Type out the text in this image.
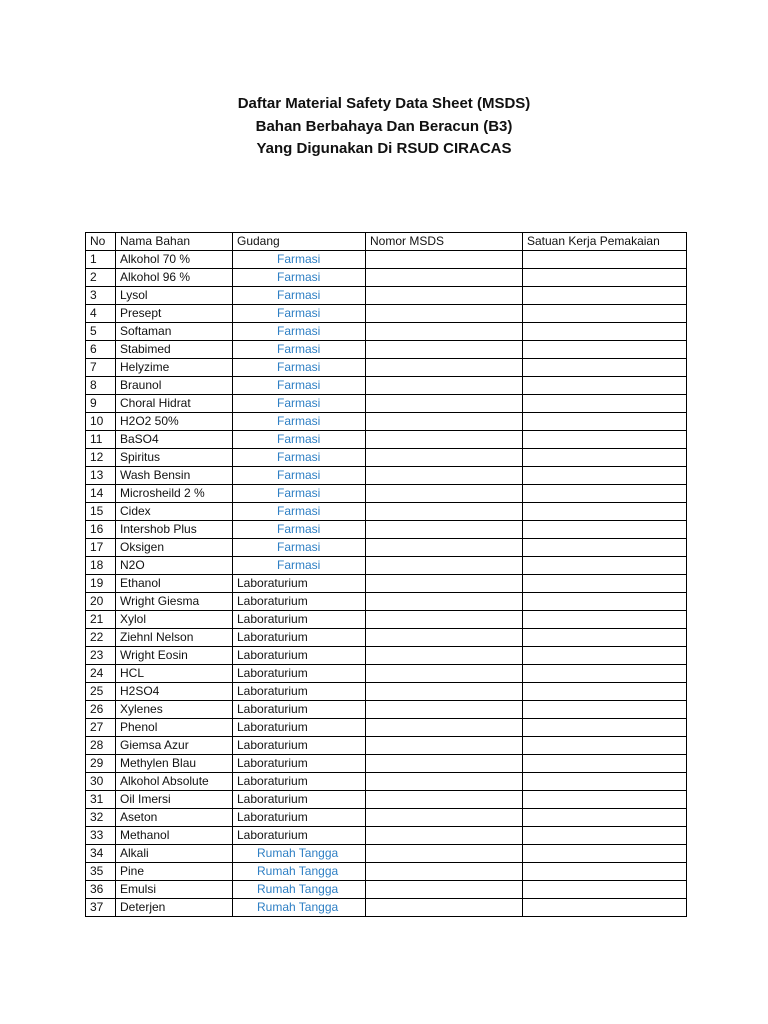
Daftar Material Safety Data Sheet (MSDS)
Bahan Berbahaya Dan Beracun (B3)
Yang Digunakan Di RSUD CIRACAS
No	Nama Bahan	Gudang	Nomor MSDS	Satuan Kerja Pemakaian
1	Alkohol 70 %	Farmasi		
2	Alkohol 96 %	Farmasi		
3	Lysol	Farmasi		
4	Presept	Farmasi		
5	Softaman	Farmasi		
6	Stabimed	Farmasi		
7	Helyzime	Farmasi		
8	Braunol	Farmasi		
9	Choral Hidrat	Farmasi		
10	H2O2 50%	Farmasi		
11	BaSO4	Farmasi		
12	Spiritus	Farmasi		
13	Wash Bensin	Farmasi		
14	Microsheild 2 %	Farmasi		
15	Cidex	Farmasi		
16	Intershob Plus	Farmasi		
17	Oksigen	Farmasi		
18	N2O	Farmasi		
19	Ethanol	Laboraturium		
20	Wright Giesma	Laboraturium		
21	Xylol	Laboraturium		
22	Ziehnl Nelson	Laboraturium		
23	Wright Eosin	Laboraturium		
24	HCL	Laboraturium		
25	H2SO4	Laboraturium		
26	Xylenes	Laboraturium		
27	Phenol	Laboraturium		
28	Giemsa Azur	Laboraturium		
29	Methylen Blau	Laboraturium		
30	Alkohol Absolute	Laboraturium		
31	Oil Imersi	Laboraturium		
32	Aseton	Laboraturium		
33	Methanol	Laboraturium		
34	Alkali	Rumah Tangga		
35	Pine	Rumah Tangga		
36	Emulsi	Rumah Tangga		
37	Deterjen	Rumah Tangga		
